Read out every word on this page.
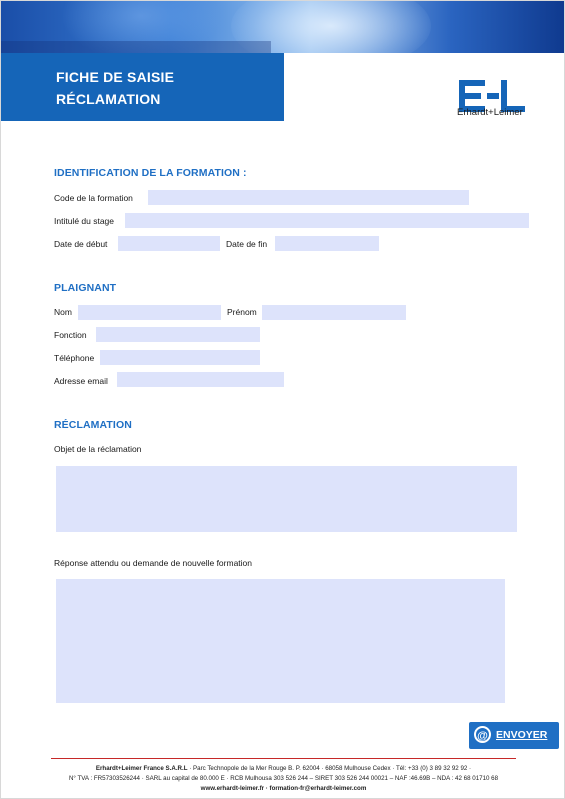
FICHE DE SAISIE
RÉCLAMATION
Erhardt+Leimer
IDENTIFICATION DE LA FORMATION :
Code de la formation
Intitulé du stage
Date de début	Date de fin
PLAIGNANT
Nom	Prénom
Fonction
Téléphone
Adresse email
RÉCLAMATION
Objet de la réclamation
Réponse attendu ou demande de nouvelle formation
@ ENVOYER
Erhardt+Leimer France S.A.R.L · Parc Technopole de la Mer Rouge B. P. 62004 · 68058 Mulhouse Cedex · Tél: +33 (0) 3 89 32 92 92 ·
N° TVA : FR57303526244 · SARL au capital de 80.000 E · RCB Mulhousa 303 526 244 – SIRET 303 526 244 00021 – NAF :46.69B – NDA : 42 68 01710 68
www.erhardt-leimer.fr · formation-fr@erhardt-leimer.com
